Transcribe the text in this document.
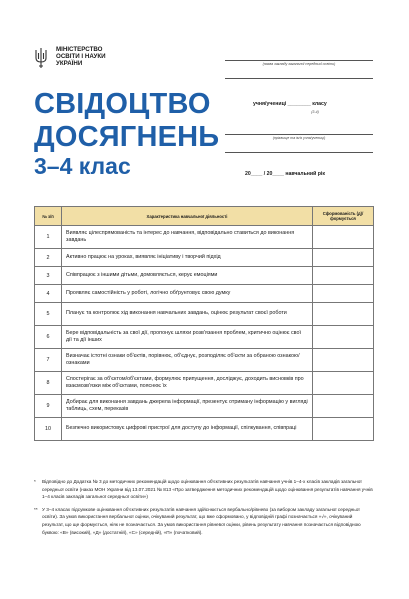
МІНІСТЕРСТВО
ОСВІТИ І НАУКИ
УКРАЇНИ	(назва закладу загальної середньої освіти)
СВІДОЦТВО
ДОСЯГНЕНЬ
3–4 клас
учня/учениці ________ класу
(3-4)
(прізвище та ім'я учня/учениці)
20____ / 20____ навчальний рік
№ з/п	Характеристика навчальної діяльності	Сформованість (д)/ формується
1	Виявляє цілеспрямованість та інтерес до навчання, відповідально ставиться до виконання завдань	
2	Активно працює на уроках, виявляє ініціативу і творчий підхід	
3	Співпрацює з іншими дітьми, домовляється, керує емоціями	
4	Проявляє самостійність у роботі, логічно обґрунтовує свою думку	
5	Планує та контролює хід виконання навчальних завдань, оцінює результат своєї роботи	
6	Бере відповідальність за свої дії, пропонує шляхи розв'язання проблем, критично оцінює свої дії та дії інших	
7	Визначає істотні ознаки об'єктів, порівнює, об'єднує, розподіляє об'єкти за обраною ознакою/ознаками	
8	Спостерігає за об'єктом/об'єктами, формулює припущення, досліджує, доходить висновків про взаємозв'язки між об'єктами, пояснює їх	
9	Добирає для виконання завдань джерела інформації, презентує отриману інформацію у вигляді таблиць, схем, переказів	
10	Безпечно використовує цифрові пристрої для доступу до інформації, спілкування, співпраці	
* Відповідно до Додатка № 3 до методичних рекомендацій щодо оцінювання об'єктивних результатів навчання учнів 1–4-х класів закладів загальної середньої освіти (наказ МОН України від 13.07.2021 № 813 «Про затвердження методичних рекомендацій щодо оцінювання результатів навчання учнів 1–4 класів закладів загальної середньої освіти»)
** У 3–4 класах підсумкове оцінювання об'єктивних результатів навчання здійснюється вербально/рівнево (за вибором закладу загальної середньої освіти). За умов використання вербальної оцінки, очікуваний результат, що вже сформовано, у відповідній графі позначається «√», очікуваний результат, що ще формується, ніяк не позначається. За умов використання рівневої оцінки, рівень результату навчання позначається відповідною буквою: «В» (високий), «Д» (достатній), «С» (середній), «П» (початковий).
